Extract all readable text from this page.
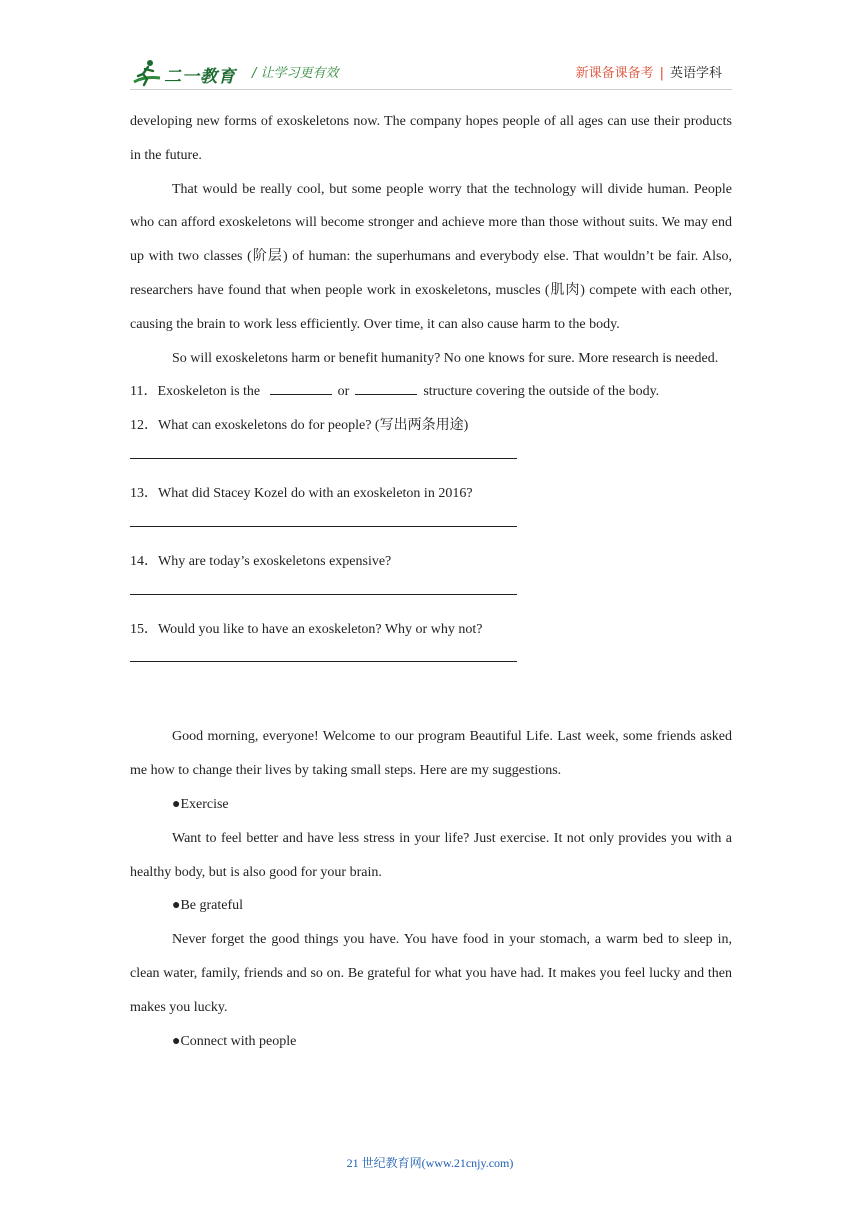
二一教育 / 让学习更有效	新课备课备考 | 英语学科

developing new forms of exoskeletons now. The company hopes people of all ages can use their products in the future.

That would be really cool, but some people worry that the technology will divide human. People who can afford exoskeletons will become stronger and achieve more than those without suits. We may end up with two classes (阶层) of human: the superhumans and everybody else. That wouldn’t be fair. Also, researchers have found that when people work in exoskeletons, muscles (肌肉) compete with each other, causing the brain to work less efficiently. Over time, it can also cause harm to the body.

So will exoskeletons harm or benefit humanity? No one knows for sure. More research is needed.

11．Exoskeleton is the	or	structure covering the outside of the body.

12．What can exoskeletons do for people? (写出两条用途)

13．What did Stacey Kozel do with an exoskeleton in 2016?

14．Why are today’s exoskeletons expensive?

15．Would you like to have an exoskeleton? Why or why not?

Good morning, everyone! Welcome to our program Beautiful Life. Last week, some friends asked me how to change their lives by taking small steps. Here are my suggestions.

●Exercise

Want to feel better and have less stress in your life? Just exercise. It not only provides you with a healthy body, but is also good for your brain.

●Be grateful

Never forget the good things you have. You have food in your stomach, a warm bed to sleep in, clean water, family, friends and so on. Be grateful for what you have had. It makes you feel lucky and then makes you lucky.

●Connect with people

21 世纪教育网(www.21cnjy.com)
